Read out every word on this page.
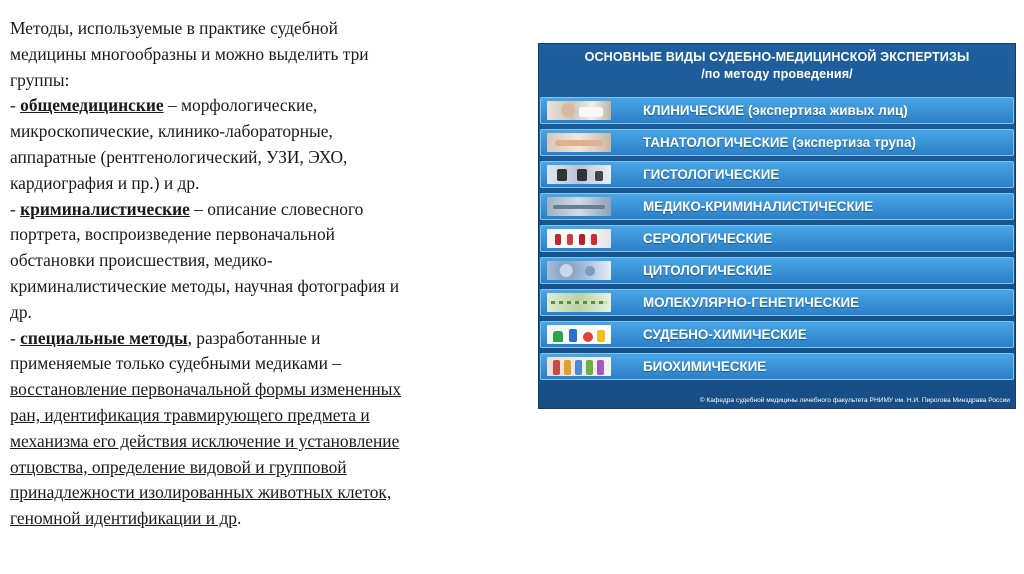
Методы, используемые в практике судебной
медицины многообразны и можно выделить три
группы:
- общемедицинские – морфологические,
микроскопические, клинико-лабораторные,
аппаратные (рентгенологический, УЗИ, ЭХО,
кардиография и пр.) и др.
- криминалистические – описание словесного
портрета, воспроизведение первоначальной
обстановки происшествия, медико-
криминалистические методы, научная фотография и
др.
- специальные методы, разработанные и
применяемые только судебными медиками –
восстановление первоначальной формы измененных
ран, идентификация травмирующего предмета и
механизма его действия исключение и установление
отцовства, определение видовой и групповой
принадлежности изолированных животных клеток,
геномной идентификации и др.
ОСНОВНЫЕ ВИДЫ СУДЕБНО-МЕДИЦИНСКОЙ ЭКСПЕРТИЗЫ
/по методу проведения/
КЛИНИЧЕСКИЕ (экспертиза живых лиц)
ТАНАТОЛОГИЧЕСКИЕ (экспертиза трупа)
ГИСТОЛОГИЧЕСКИЕ
МЕДИКО-КРИМИНАЛИСТИЧЕСКИЕ
СЕРОЛОГИЧЕСКИЕ
ЦИТОЛОГИЧЕСКИЕ
МОЛЕКУЛЯРНО-ГЕНЕТИЧЕСКИЕ
СУДЕБНО-ХИМИЧЕСКИЕ
БИОХИМИЧЕСКИЕ
© Кафедра судебной медицины лечебного факультета РНИМУ им. Н.И. Пирогова Минздрава России
